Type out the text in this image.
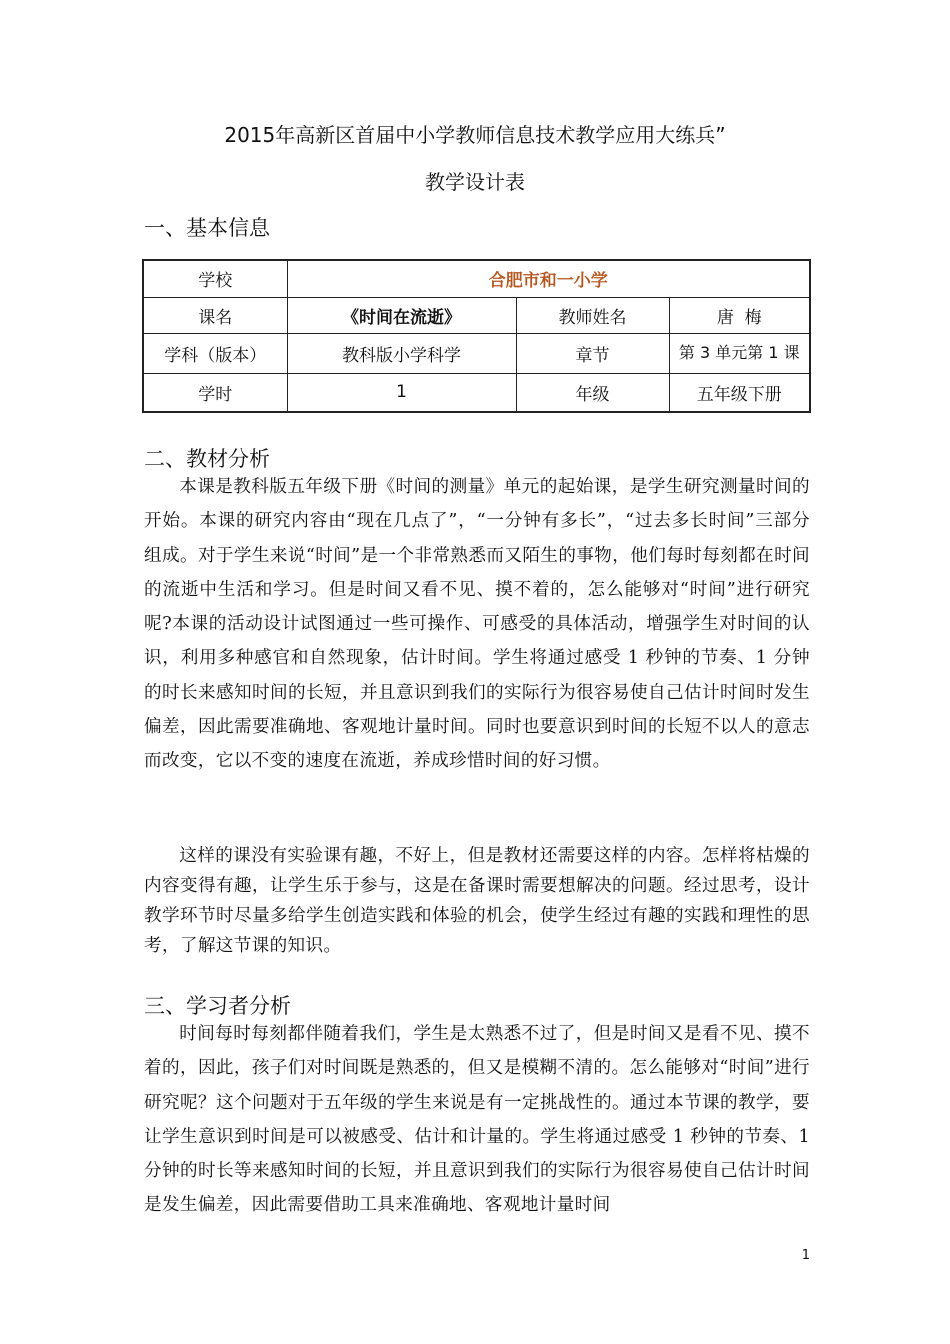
2015年高新区首届中小学教师信息技术教学应用大练兵”
教学设计表
一、基本信息
学校	合肥市和一小学		
课名	《时间在流逝》	教师姓名	唐  梅
学科（版本）	教科版小学科学	章节	第 3 单元第 1 课
学时	1	年级	五年级下册
二、教材分析

本课是教科版五年级下册《时间的测量》单元的起始课，是学生研究测量时间的开始。本课的研究内容由“现在几点了”，“一分钟有多长”，“过去多长时间”三部分组成。对于学生来说“时间”是一个非常熟悉而又陌生的事物，他们每时每刻都在时间的流逝中生活和学习。但是时间又看不见、摸不着的，怎么能够对“时间”进行研究呢?本课的活动设计试图通过一些可操作、可感受的具体活动，增强学生对时间的认识，利用多种感官和自然现象，估计时间。学生将通过感受 1 秒钟的节奏、1 分钟的时长来感知时间的长短，并且意识到我们的实际行为很容易使自己估计时间时发生偏差，因此需要准确地、客观地计量时间。同时也要意识到时间的长短不以人的意志而改变，它以不变的速度在流逝，养成珍惜时间的好习惯。

这样的课没有实验课有趣，不好上，但是教材还需要这样的内容。怎样将枯燥的内容变得有趣，让学生乐于参与，这是在备课时需要想解决的问题。经过思考，设计教学环节时尽量多给学生创造实践和体验的机会，使学生经过有趣的实践和理性的思考，了解这节课的知识。

三、学习者分析

时间每时每刻都伴随着我们，学生是太熟悉不过了，但是时间又是看不见、摸不着的，因此，孩子们对时间既是熟悉的，但又是模糊不清的。怎么能够对“时间”进行研究呢？这个问题对于五年级的学生来说是有一定挑战性的。通过本节课的教学，要让学生意识到时间是可以被感受、估计和计量的。学生将通过感受 1 秒钟的节奏、1 分钟的时长等来感知时间的长短，并且意识到我们的实际行为很容易使自己估计时间是发生偏差，因此需要借助工具来准确地、客观地计量时间

1
